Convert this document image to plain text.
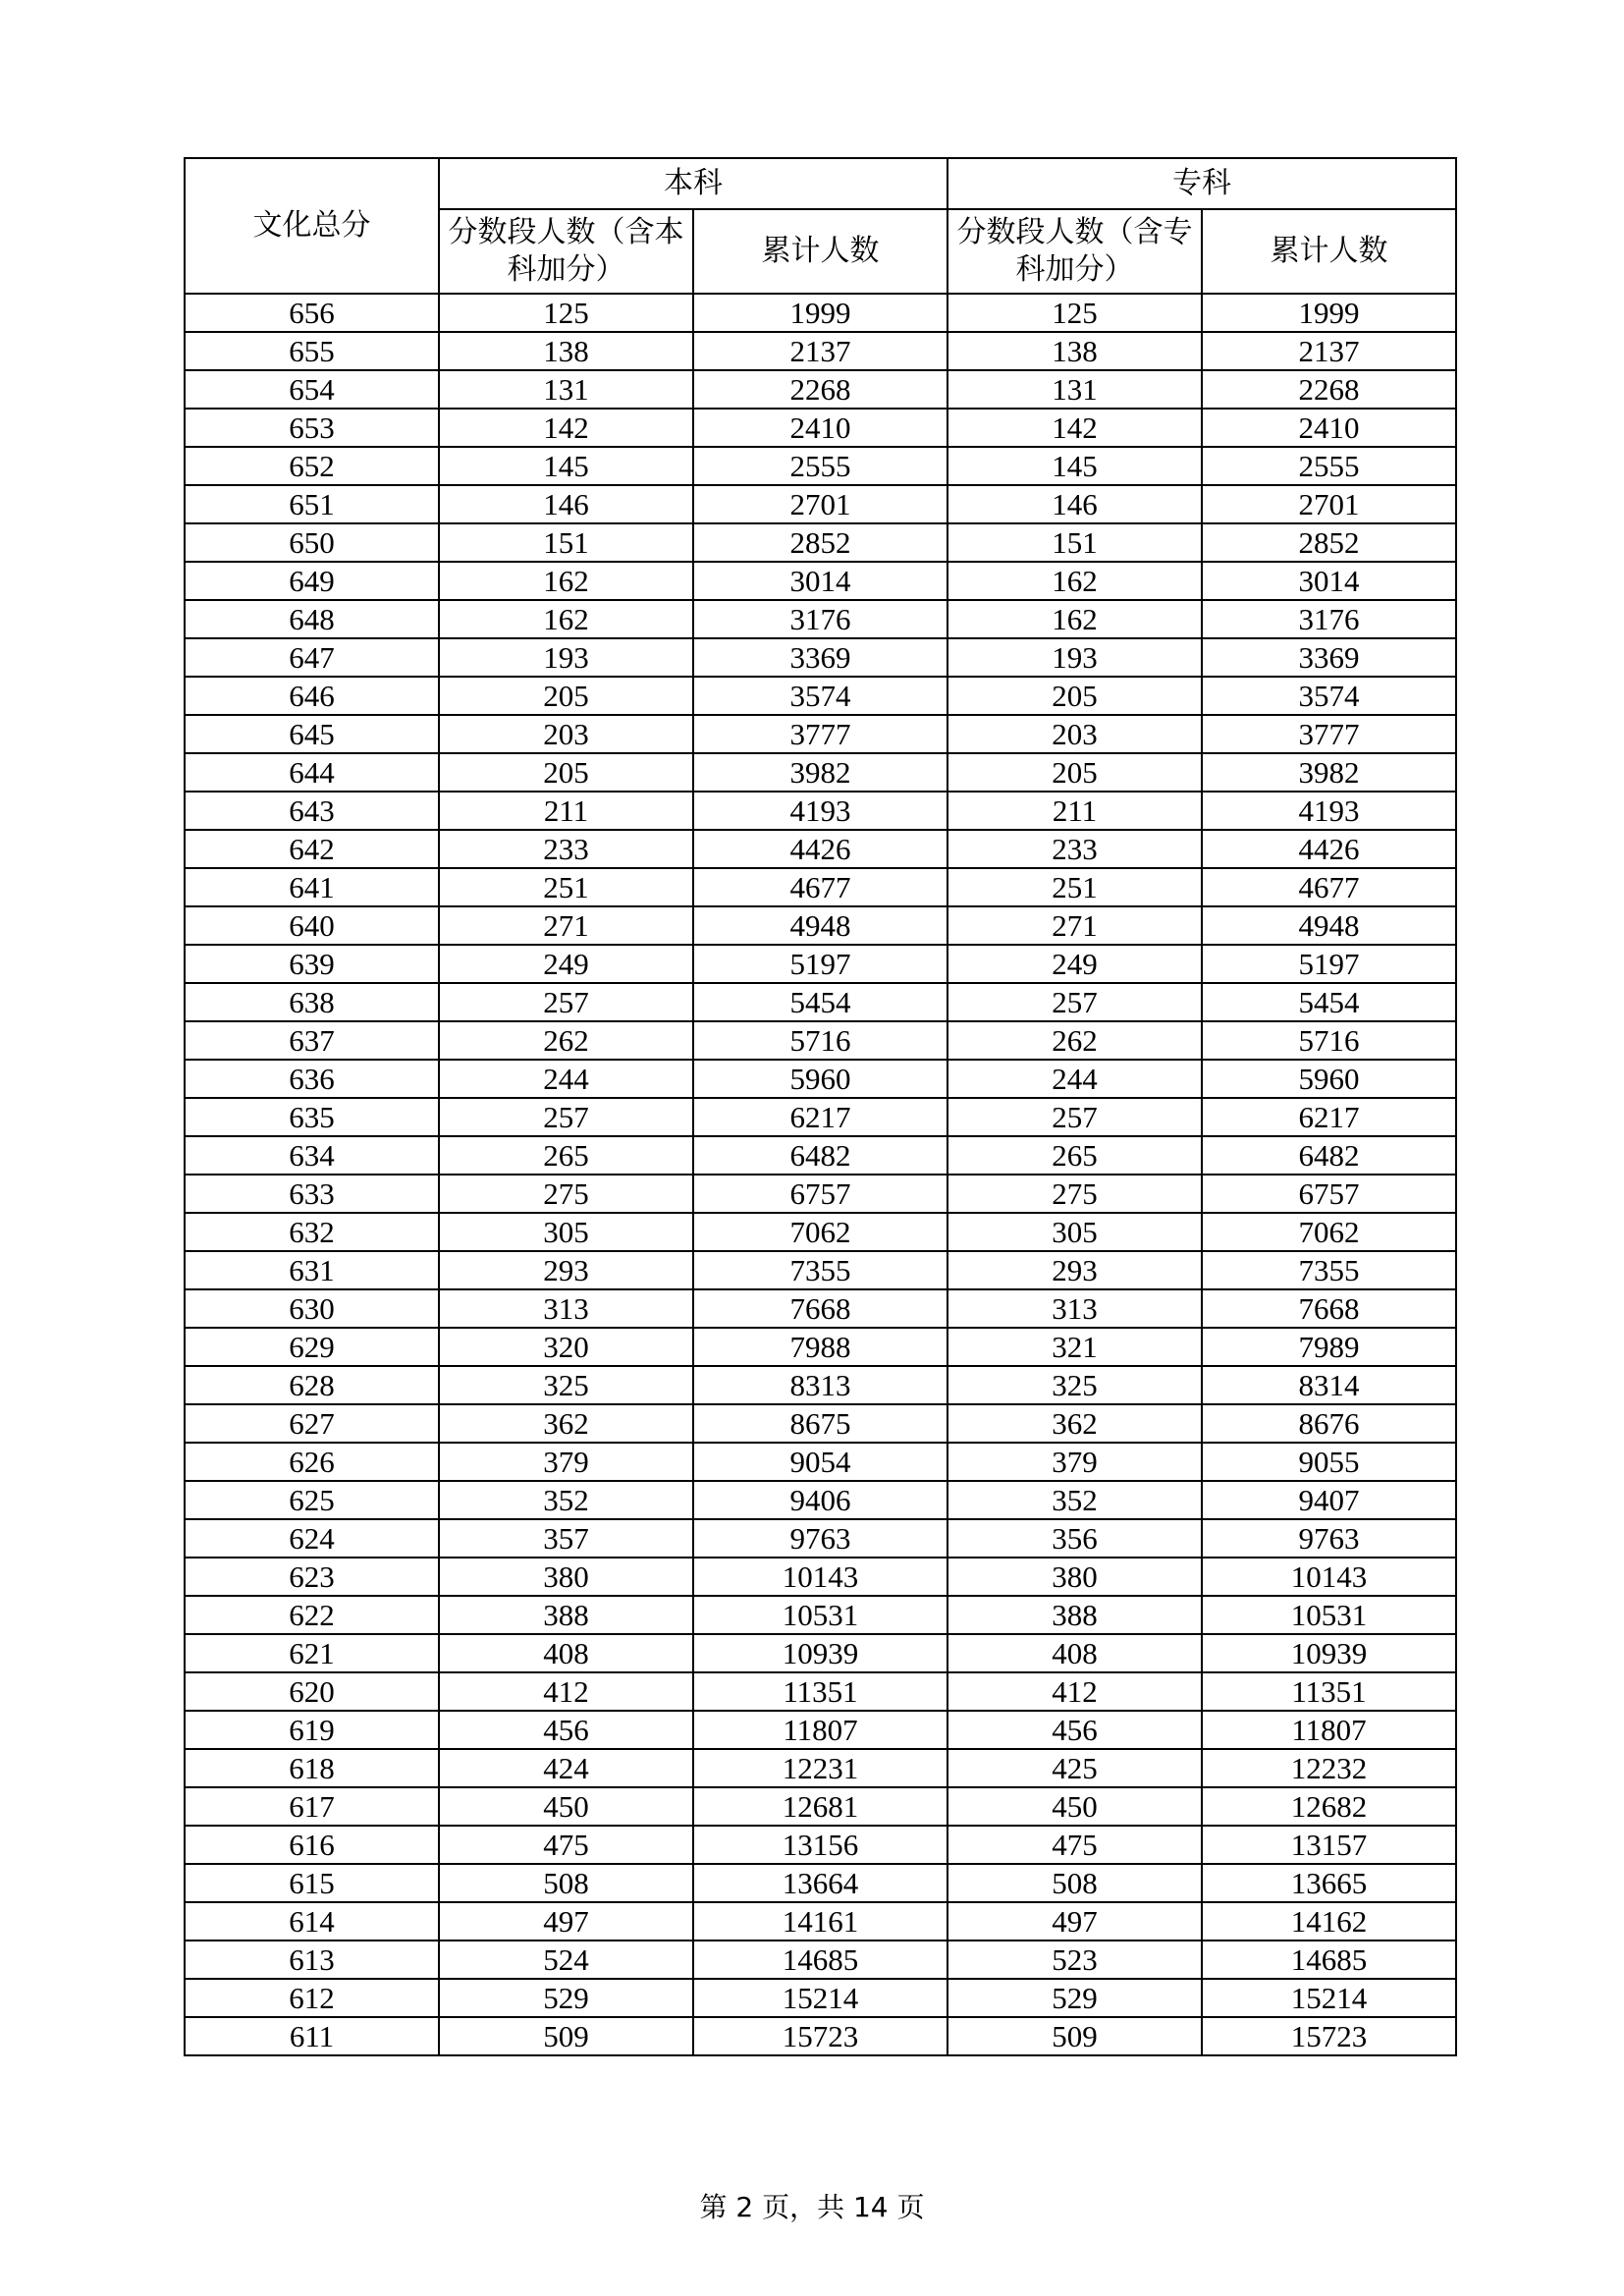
文化总分	本科		专科	
	分数段人数（含本科加分）	累计人数	分数段人数（含专科加分）	累计人数
656	125	1999	125	1999
655	138	2137	138	2137
654	131	2268	131	2268
653	142	2410	142	2410
652	145	2555	145	2555
651	146	2701	146	2701
650	151	2852	151	2852
649	162	3014	162	3014
648	162	3176	162	3176
647	193	3369	193	3369
646	205	3574	205	3574
645	203	3777	203	3777
644	205	3982	205	3982
643	211	4193	211	4193
642	233	4426	233	4426
641	251	4677	251	4677
640	271	4948	271	4948
639	249	5197	249	5197
638	257	5454	257	5454
637	262	5716	262	5716
636	244	5960	244	5960
635	257	6217	257	6217
634	265	6482	265	6482
633	275	6757	275	6757
632	305	7062	305	7062
631	293	7355	293	7355
630	313	7668	313	7668
629	320	7988	321	7989
628	325	8313	325	8314
627	362	8675	362	8676
626	379	9054	379	9055
625	352	9406	352	9407
624	357	9763	356	9763
623	380	10143	380	10143
622	388	10531	388	10531
621	408	10939	408	10939
620	412	11351	412	11351
619	456	11807	456	11807
618	424	12231	425	12232
617	450	12681	450	12682
616	475	13156	475	13157
615	508	13664	508	13665
614	497	14161	497	14162
613	524	14685	523	14685
612	529	15214	529	15214
611	509	15723	509	15723
第 2 页，共 14 页
